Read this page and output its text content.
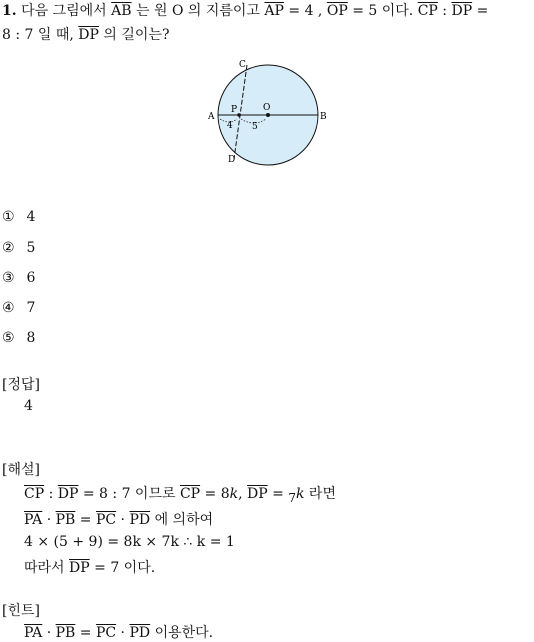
1. 다음 그림에서 $\overline{AB}$ 는 원 O 의 지름이고 $\overline{AP} = 4$ , $\overline{OP} = 5$ 이다. $\overline{CP}$ : $\overline{DP}$ =
8 : 7 일 때, $\overline{DP}$ 의 길이는?
A	B
C
D
O
P
4 5
① 4
② 5
③ 6
④ 7
⑤ 8
[정답]
4
[해설]
$\overline{CP}$ : $\overline{DP} = 8$ : 7 이므로 $\overline{CP} = 8k$, $\overline{DP} = _7k$ 라면
$\overline{PA} \cdot \overline{PB} = \overline{PC} \cdot \overline{PD}$ 에 의하여
4 × (5 + 9) = 8k × 7k ∴ k = 1
따라서 $\overline{DP} = 7$ 이다.
[힌트]
$\overline{PA} \cdot \overline{PB} = \overline{PC} \cdot \overline{PD}$ 이용한다.
